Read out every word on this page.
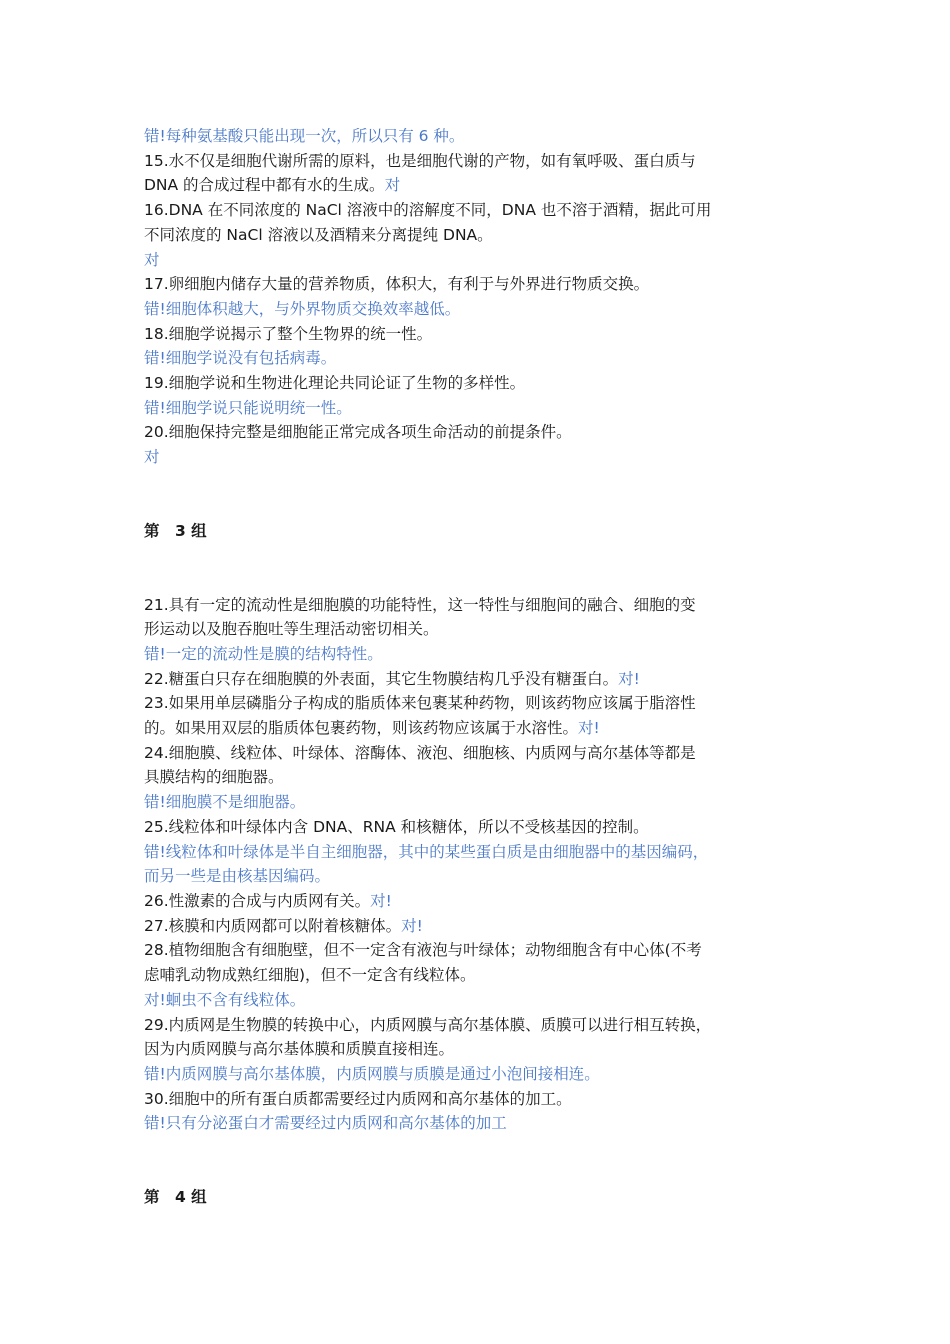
错!每种氨基酸只能出现一次，所以只有 6 种。
15.水不仅是细胞代谢所需的原料，也是细胞代谢的产物，如有氧呼吸、蛋白质与
DNA 的合成过程中都有水的生成。对
16.DNA 在不同浓度的 NaCl 溶液中的溶解度不同，DNA 也不溶于酒精，据此可用
不同浓度的 NaCl 溶液以及酒精来分离提纯 DNA。
对
17.卵细胞内储存大量的营养物质，体积大，有利于与外界进行物质交换。
错!细胞体积越大，与外界物质交换效率越低。
18.细胞学说揭示了整个生物界的统一性。
错!细胞学说没有包括病毒。
19.细胞学说和生物进化理论共同论证了生物的多样性。
错!细胞学说只能说明统一性。
20.细胞保持完整是细胞能正常完成各项生命活动的前提条件。
对
第　3 组
21.具有一定的流动性是细胞膜的功能特性，这一特性与细胞间的融合、细胞的变
形运动以及胞吞胞吐等生理活动密切相关。
错!一定的流动性是膜的结构特性。
22.糖蛋白只存在细胞膜的外表面，其它生物膜结构几乎没有糖蛋白。对!
23.如果用单层磷脂分子构成的脂质体来包裹某种药物，则该药物应该属于脂溶性
的。如果用双层的脂质体包裹药物，则该药物应该属于水溶性。对!
24.细胞膜、线粒体、叶绿体、溶酶体、液泡、细胞核、内质网与高尔基体等都是
具膜结构的细胞器。
错!细胞膜不是细胞器。
25.线粒体和叶绿体内含 DNA、RNA 和核糖体，所以不受核基因的控制。
错!线粒体和叶绿体是半自主细胞器，其中的某些蛋白质是由细胞器中的基因编码，
而另一些是由核基因编码。
26.性激素的合成与内质网有关。对!
27.核膜和内质网都可以附着核糖体。对!
28.植物细胞含有细胞壁，但不一定含有液泡与叶绿体；动物细胞含有中心体(不考
虑哺乳动物成熟红细胞)，但不一定含有线粒体。
对!蛔虫不含有线粒体。
29.内质网是生物膜的转换中心，内质网膜与高尔基体膜、质膜可以进行相互转换，
因为内质网膜与高尔基体膜和质膜直接相连。
错!内质网膜与高尔基体膜，内质网膜与质膜是通过小泡间接相连。
30.细胞中的所有蛋白质都需要经过内质网和高尔基体的加工。
错!只有分泌蛋白才需要经过内质网和高尔基体的加工
第　4 组
